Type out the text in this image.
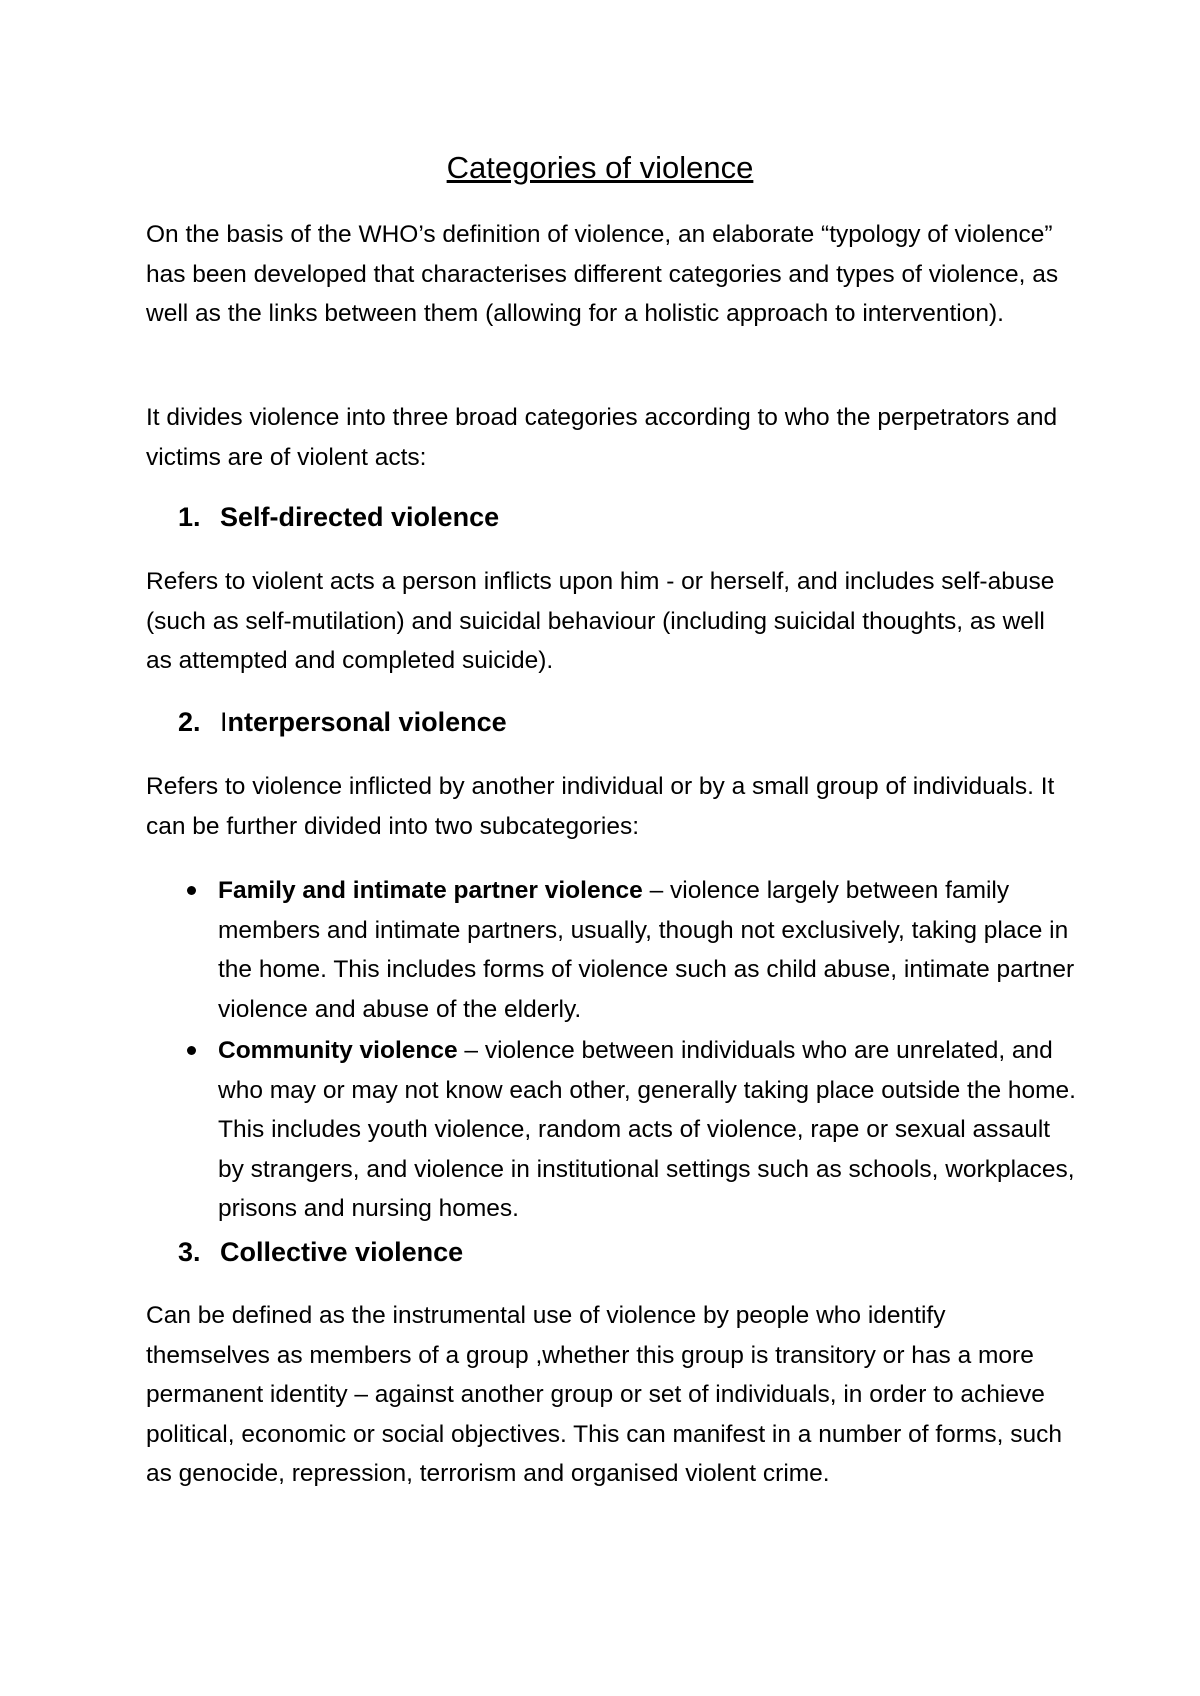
Categories of violence

On the basis of the WHO’s definition of violence, an elaborate “typology of violence” has been developed that characterises different categories and types of violence, as well as the links between them (allowing for a holistic approach to intervention).

It divides violence into three broad categories according to who the perpetrators and victims are of violent acts:

1. Self-directed violence

Refers to violent acts a person inflicts upon him - or herself, and includes self-abuse (such as self-mutilation) and suicidal behaviour (including suicidal thoughts, as well as attempted and completed suicide).

2. Interpersonal violence

Refers to violence inflicted by another individual or by a small group of individuals. It can be further divided into two subcategories:

Family and intimate partner violence – violence largely between family members and intimate partners, usually, though not exclusively, taking place in the home. This includes forms of violence such as child abuse, intimate partner violence and abuse of the elderly.
Community violence – violence between individuals who are unrelated, and who may or may not know each other, generally taking place outside the home. This includes youth violence, random acts of violence, rape or sexual assault by strangers, and violence in institutional settings such as schools, workplaces, prisons and nursing homes.
3. Collective violence

Can be defined as the instrumental use of violence by people who identify themselves as members of a group ,whether this group is transitory or has a more permanent identity – against another group or set of individuals, in order to achieve political, economic or social objectives. This can manifest in a number of forms, such as genocide, repression, terrorism and organised violent crime.
